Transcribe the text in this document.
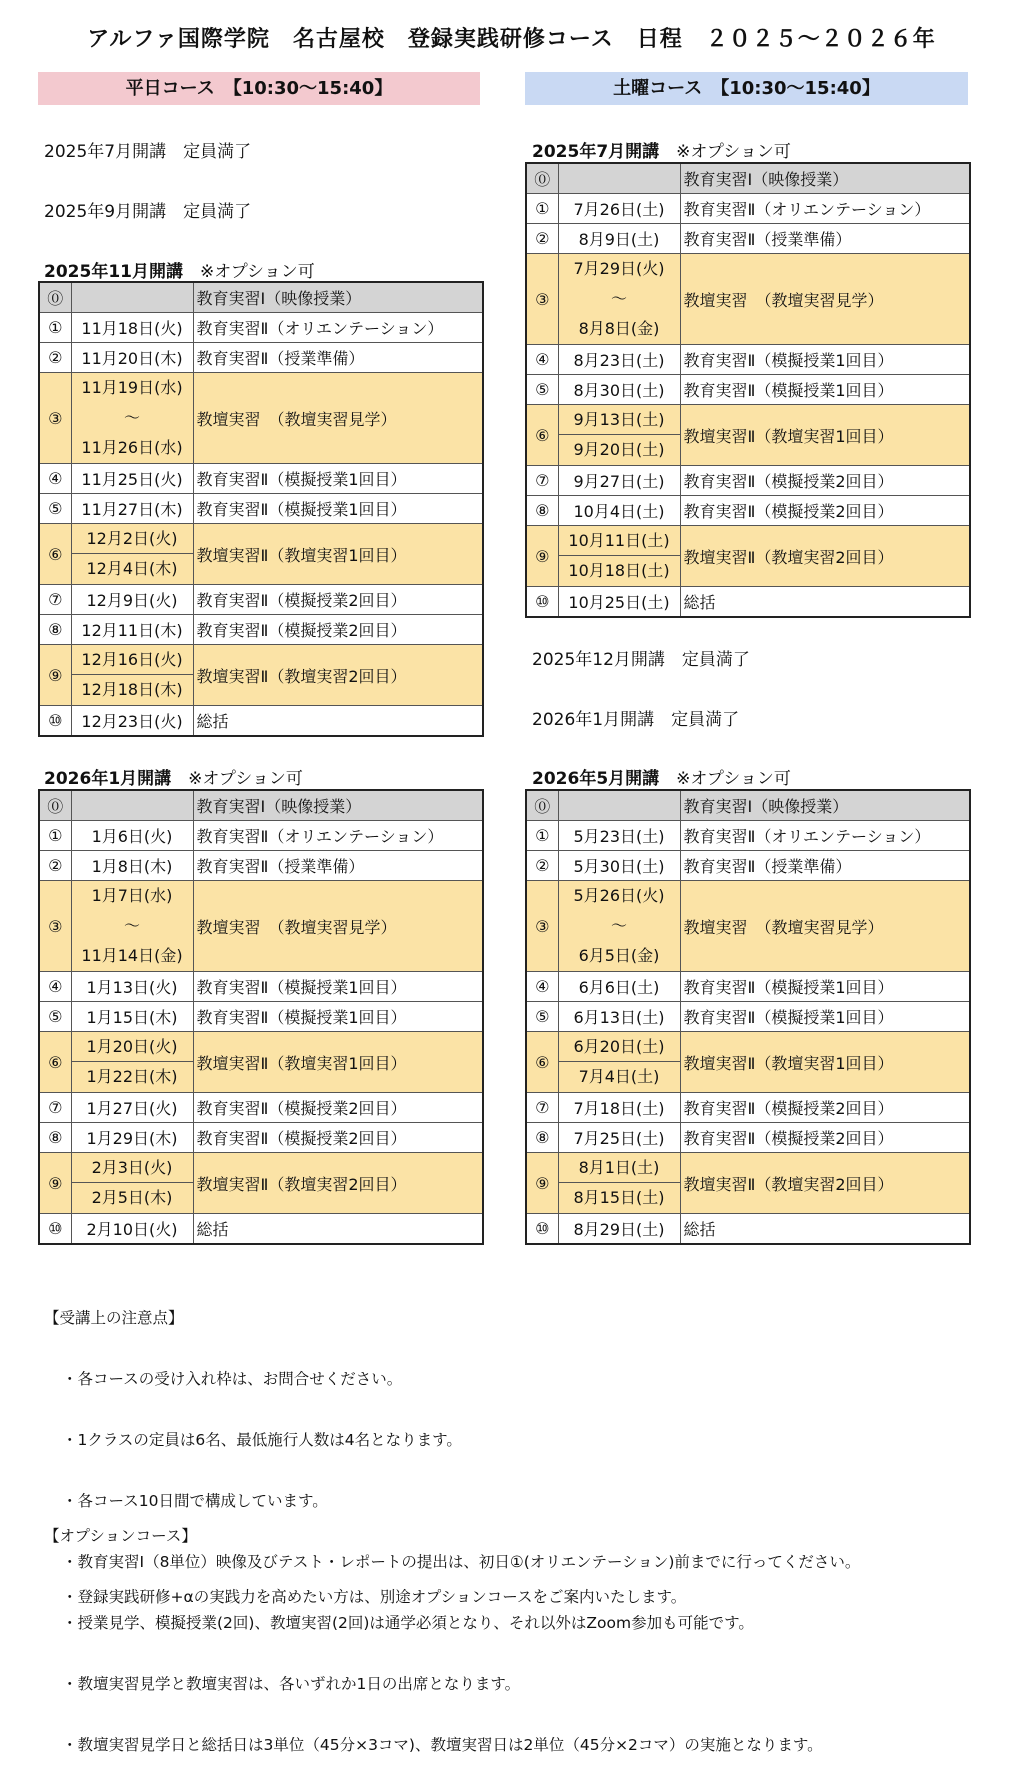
アルファ国際学院　名古屋校　登録実践研修コース　日程　２０２５〜２０２６年
平日コース　【10:30〜15:40】	土曜コース　【10:30〜15:40】
2025年7月開講　定員満了
2025年9月開講　定員満了
2025年12月開講　定員満了
2026年1月開講　定員満了
2025年11月開講　 ※オプション可
⓪		教育実習Ⅰ（映像授業）
①	11月18日(火)	教育実習Ⅱ（オリエンテーション）
②	11月20日(木)	教育実習Ⅱ（授業準備）
③	11月19日(水)
〜
11月26日(水)	教壇実習　（教壇実習見学）
④	11月25日(火)	教育実習Ⅱ（模擬授業1回目）
⑤	11月27日(木)	教育実習Ⅱ（模擬授業1回目）
⑥	12月2日(火)
12月4日(木)	教壇実習Ⅱ（教壇実習1回目）
⑦	12月9日(火)	教育実習Ⅱ（模擬授業2回目）
⑧	12月11日(木)	教育実習Ⅱ（模擬授業2回目）
⑨	12月16日(火)
12月18日(木)	教壇実習Ⅱ（教壇実習2回目）
⑩	12月23日(火)	総括
2025年7月開講　 ※オプション可
⓪		教育実習Ⅰ（映像授業）
①	7月26日(土)	教育実習Ⅱ（オリエンテーション）
②	8月9日(土)	教育実習Ⅱ（授業準備）
③	7月29日(火)
〜
8月8日(金)	教壇実習　（教壇実習見学）
④	8月23日(土)	教育実習Ⅱ（模擬授業1回目）
⑤	8月30日(土)	教育実習Ⅱ（模擬授業1回目）
⑥	9月13日(土)
9月20日(土)	教壇実習Ⅱ（教壇実習1回目）
⑦	9月27日(土)	教育実習Ⅱ（模擬授業2回目）
⑧	10月4日(土)	教育実習Ⅱ（模擬授業2回目）
⑨	10月11日(土)
10月18日(土)	教壇実習Ⅱ（教壇実習2回目）
⑩	10月25日(土)	総括
2026年1月開講　 ※オプション可
⓪		教育実習Ⅰ（映像授業）
①	1月6日(火)	教育実習Ⅱ（オリエンテーション）
②	1月8日(木)	教育実習Ⅱ（授業準備）
③	1月7日(水)
〜
11月14日(金)	教壇実習　（教壇実習見学）
④	1月13日(火)	教育実習Ⅱ（模擬授業1回目）
⑤	1月15日(木)	教育実習Ⅱ（模擬授業1回目）
⑥	1月20日(火)
1月22日(木)	教壇実習Ⅱ（教壇実習1回目）
⑦	1月27日(火)	教育実習Ⅱ（模擬授業2回目）
⑧	1月29日(木)	教育実習Ⅱ（模擬授業2回目）
⑨	2月3日(火)
2月5日(木)	教壇実習Ⅱ（教壇実習2回目）
⑩	2月10日(火)	総括
2026年5月開講　 ※オプション可
⓪		教育実習Ⅰ（映像授業）
①	5月23日(土)	教育実習Ⅱ（オリエンテーション）
②	5月30日(土)	教育実習Ⅱ（授業準備）
③	5月26日(火)
〜
6月5日(金)	教壇実習　（教壇実習見学）
④	6月6日(土)	教育実習Ⅱ（模擬授業1回目）
⑤	6月13日(土)	教育実習Ⅱ（模擬授業1回目）
⑥	6月20日(土)
7月4日(土)	教壇実習Ⅱ（教壇実習1回目）
⑦	7月18日(土)	教育実習Ⅱ（模擬授業2回目）
⑧	7月25日(土)	教育実習Ⅱ（模擬授業2回目）
⑨	8月1日(土)
8月15日(土)	教壇実習Ⅱ（教壇実習2回目）
⑩	8月29日(土)	総括

【受講上の注意点】

・各コースの受け入れ枠は、お問合せください。

・1クラスの定員は6名、最低施行人数は4名となります。

・各コース10日間で構成しています。

・教育実習Ⅰ（8単位）映像及びテスト・レポートの提出は、初日①(オリエンテーション)前までに行ってください。

・授業見学、模擬授業(2回)、教壇実習(2回)は通学必須となり、それ以外はZoom参加も可能です。

・教壇実習見学と教壇実習は、各いずれか1日の出席となります。

・教壇実習見学日と総括日は3単位（45分×3コマ)、教壇実習日は2単位（45分×2コマ）の実施となります。

【オプションコース】

・登録実践研修+αの実践力を高めたい方は、別途オプションコースをご案内いたします。
